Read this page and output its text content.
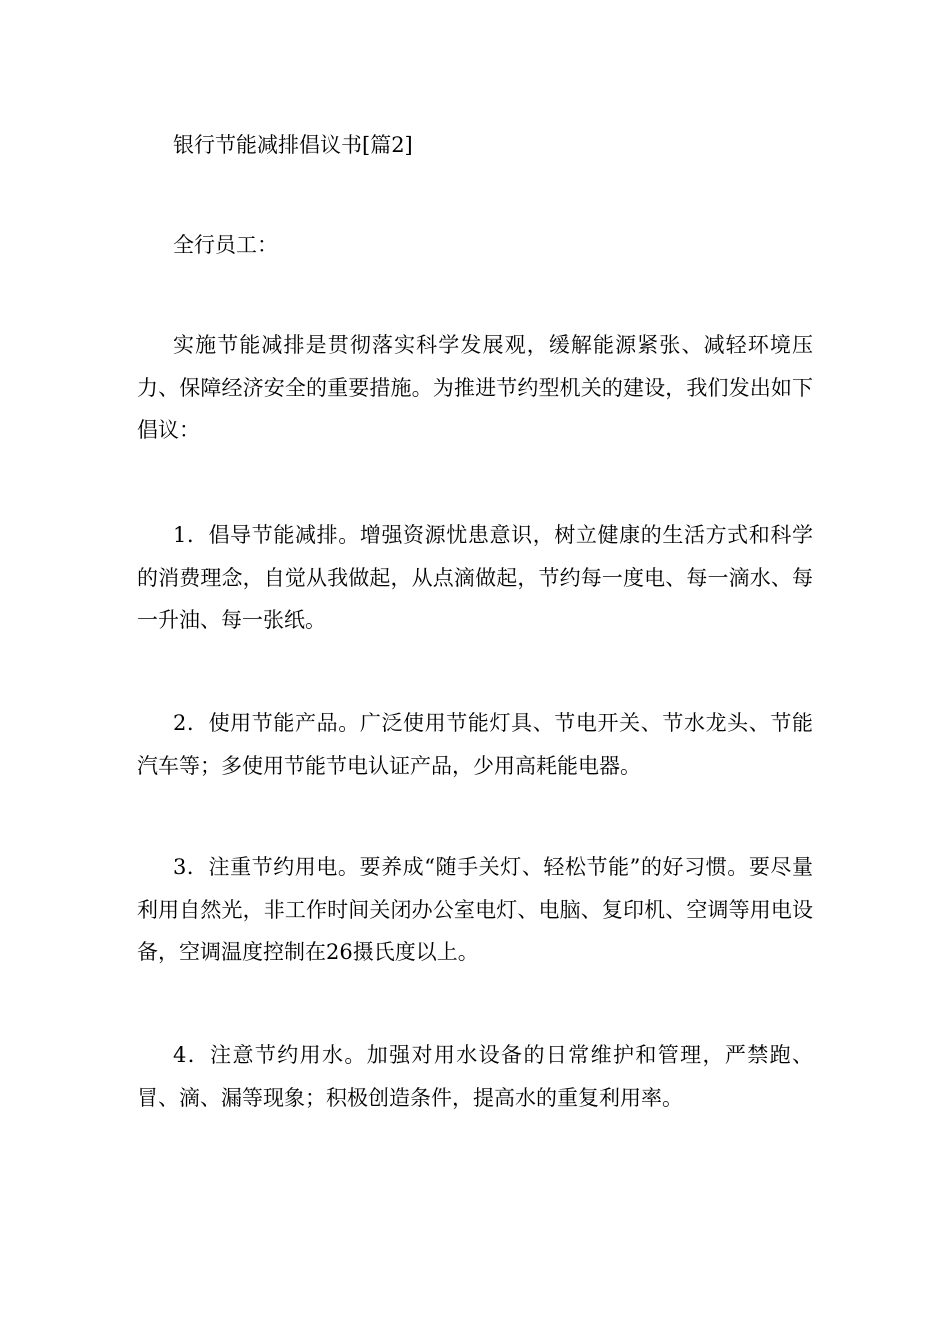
银行节能减排倡议书[篇2]

全行员工：

实施节能减排是贯彻落实科学发展观，缓解能源紧张、减轻环境压力、保障经济安全的重要措施。为推进节约型机关的建设，我们发出如下倡议：

1．倡导节能减排。增强资源忧患意识，树立健康的生活方式和科学的消费理念，自觉从我做起，从点滴做起，节约每一度电、每一滴水、每一升油、每一张纸。

2．使用节能产品。广泛使用节能灯具、节电开关、节水龙头、节能汽车等；多使用节能节电认证产品，少用高耗能电器。

3．注重节约用电。要养成“随手关灯、轻松节能”的好习惯。要尽量利用自然光，非工作时间关闭办公室电灯、电脑、复印机、空调等用电设备，空调温度控制在26摄氏度以上。

4．注意节约用水。加强对用水设备的日常维护和管理，严禁跑、冒、滴、漏等现象；积极创造条件，提高水的重复利用率。
